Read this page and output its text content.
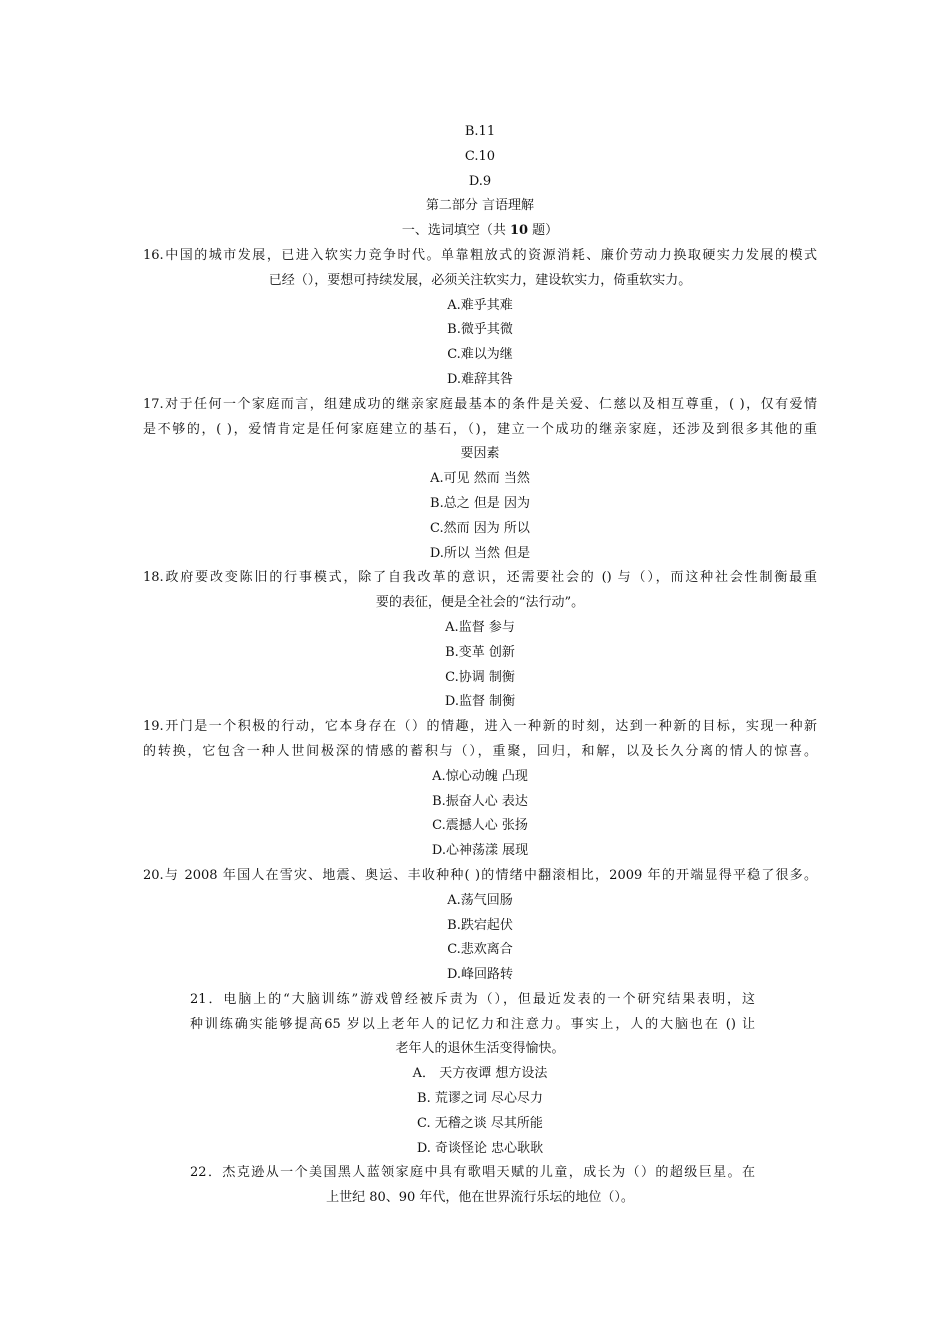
B.11
C.10
D.9
第二部分 言语理解
一、选词填空（共 10 题）
16.中国的城市发展，已进入软实力竞争时代。单靠粗放式的资源消耗、廉价劳动力换取硬实力发展的模式
已经（），要想可持续发展，必须关注软实力，建设软实力，倚重软实力。
A.难乎其难
B.微乎其微
C.难以为继
D.难辞其咎
17.对于任何一个家庭而言，组建成功的继亲家庭最基本的条件是关爱、仁慈以及相互尊重，( )，仅有爱情
是不够的，( )，爱情肯定是任何家庭建立的基石，（)，建立一个成功的继亲家庭，还涉及到很多其他的重
要因素
A.可见 然而 当然
B.总之 但是 因为
C.然而 因为 所以
D.所以 当然 但是
18.政府要改变陈旧的行事模式，除了自我改革的意识，还需要社会的 () 与（），而这种社会性制衡最重
要的表征，便是全社会的“法行动”。
A.监督 参与
B.变革 创新
C.协调 制衡
D.监督 制衡
19.开门是一个积极的行动，它本身存在（）的情趣，进入一种新的时刻，达到一种新的目标，实现一种新
的转换，它包含一种人世间极深的情感的蓄积与（），重聚，回归，和解，以及长久分离的情人的惊喜。
A.惊心动魄 凸现
B.振奋人心 表达
C.震撼人心 张扬
D.心神荡漾 展现
20.与 2008 年国人在雪灾、地震、奥运、丰收种种( )的情绪中翻滚相比，2009 年的开端显得平稳了很多。
A.荡气回肠
B.跌宕起伏
C.悲欢离合
D.峰回路转
21．电脑上的“大脑训练”游戏曾经被斥责为（），但最近发表的一个研究结果表明，这
种训练确实能够提高65 岁以上老年人的记忆力和注意力。事实上，人的大脑也在 () 让
老年人的退休生活变得愉快。
A． 天方夜谭 想方设法
B. 荒谬之词 尽心尽力
C. 无稽之谈 尽其所能
D. 奇谈怪论 忠心耿耿
22．杰克逊从一个美国黑人蓝领家庭中具有歌唱天赋的儿童，成长为（）的超级巨星。在
上世纪 80、90 年代，他在世界流行乐坛的地位（）。
